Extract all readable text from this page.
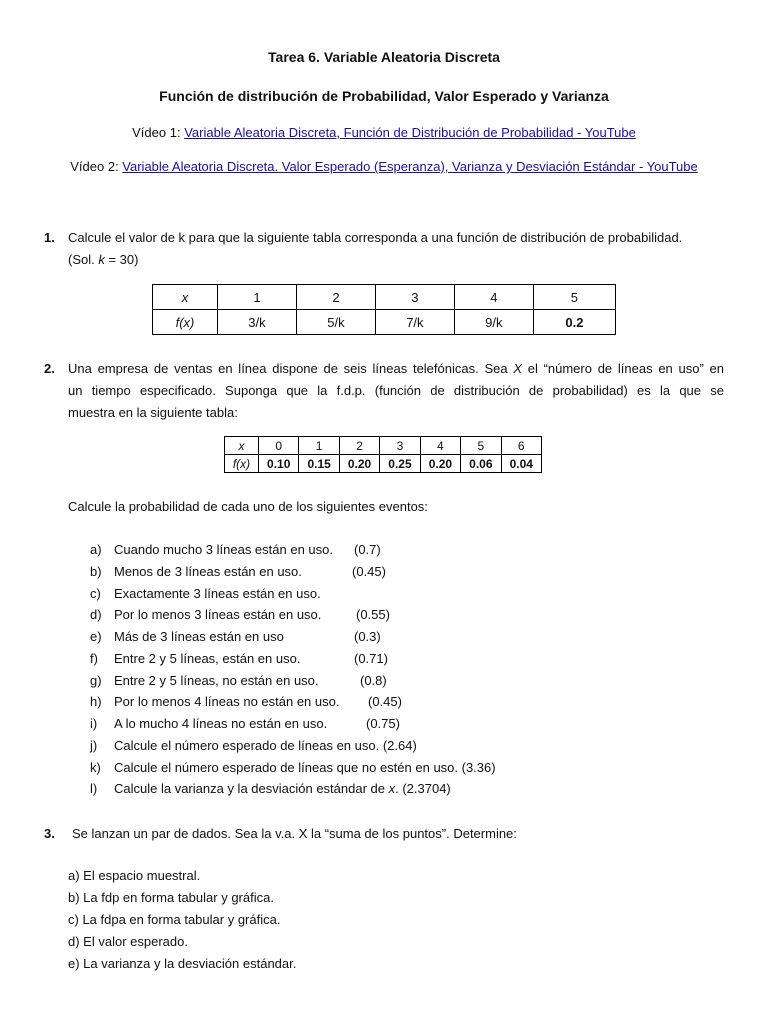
Tarea 6. Variable Aleatoria Discreta
Función de distribución de Probabilidad, Valor Esperado y Varianza
Vídeo 1: Variable Aleatoria Discreta, Función de Distribución de Probabilidad - YouTube
Vídeo 2: Variable Aleatoria Discreta. Valor Esperado (Esperanza), Varianza y Desviación Estándar - YouTube
1. Calcule el valor de k para que la siguiente tabla corresponda a una función de distribución de probabilidad.
(Sol. k = 30)
x	1	2	3	4	5
f(x)	3/k	5/k	7/k	9/k	0.2
2. Una empresa de ventas en línea dispone de seis líneas telefónicas. Sea X el “número de líneas en uso” en
un tiempo especificado. Suponga que la f.d.p. (función de distribución de probabilidad) es la que se
muestra en la siguiente tabla:
x	0	1	2	3	4	5	6
f(x)	0.10	0.15	0.20	0.25	0.20	0.06	0.04
Calcule la probabilidad de cada uno de los siguientes eventos:
a) Cuando mucho 3 líneas están en uso. (0.7)
b) Menos de 3 líneas están en uso.	(0.45)
c) Exactamente 3 líneas están en uso.
d) Por lo menos 3 líneas están en uso.	(0.55)
e) Más de 3 líneas están en uso	(0.3)
f) Entre 2 y 5 líneas, están en uso.	(0.71)
g) Entre 2 y 5 líneas, no están en uso.	(0.8)
h) Por lo menos 4 líneas no están en uso. (0.45)
i) A lo mucho 4 líneas no están en uso.	(0.75)
j) Calcule el número esperado de líneas en uso. (2.64)
k) Calcule el número esperado de líneas que no estén en uso. (3.36)
l) Calcule la varianza y la desviación estándar de x. (2.3704)
3. Se lanzan un par de dados. Sea la v.a. X la “suma de los puntos”. Determine:
a) El espacio muestral.
b) La fdp en forma tabular y gráfica.
c) La fdpa en forma tabular y gráfica.
d) El valor esperado.
e) La varianza y la desviación estándar.
